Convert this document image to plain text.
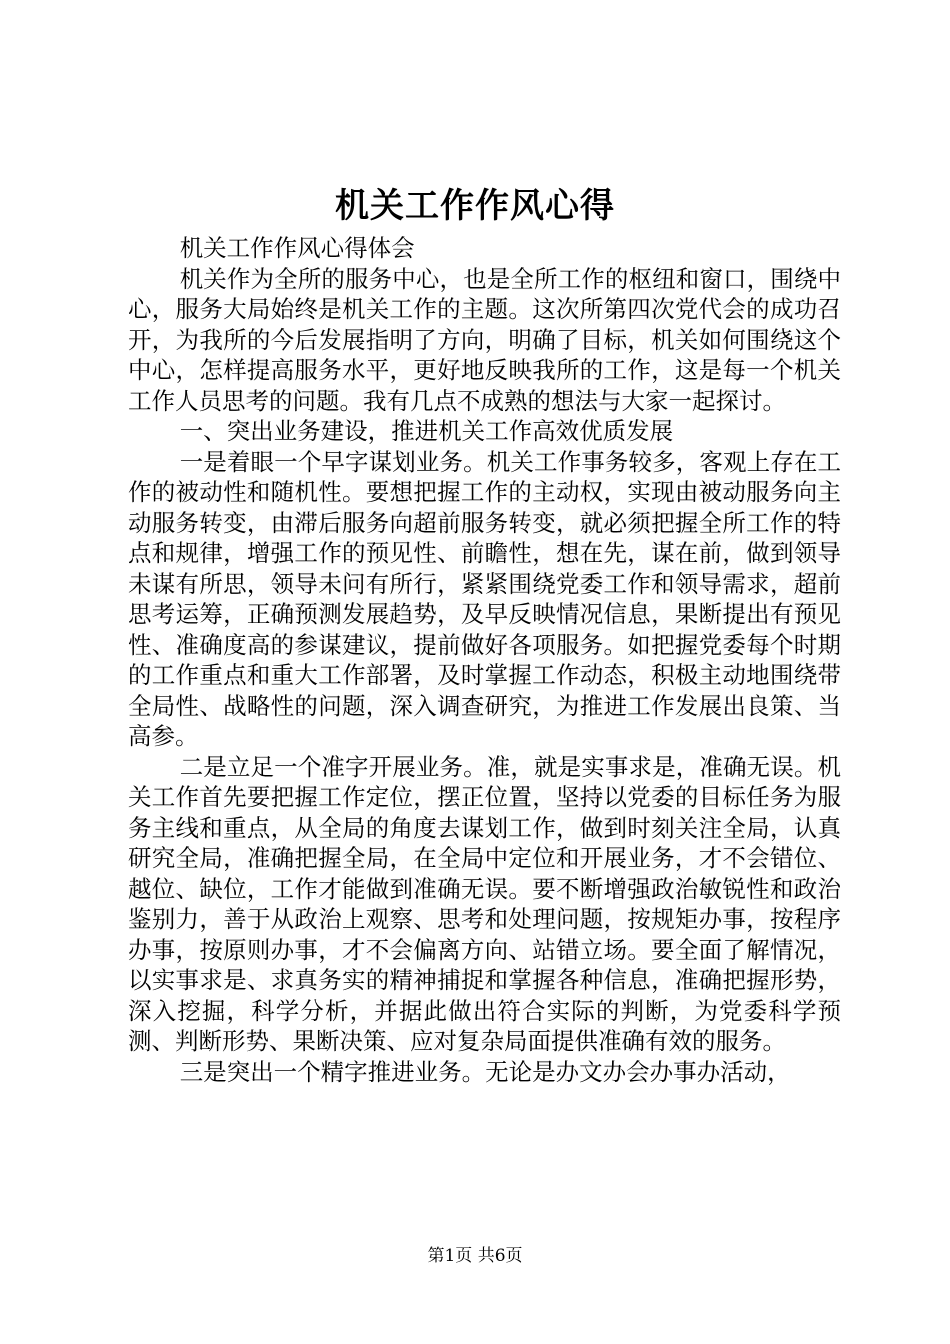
机关工作作风心得

机关工作作风心得体会

机关作为全所的服务中心，也是全所工作的枢纽和窗口，围绕中心，服务大局始终是机关工作的主题。这次所第四次党代会的成功召开，为我所的今后发展指明了方向，明确了目标，机关如何围绕这个中心，怎样提高服务水平，更好地反映我所的工作，这是每一个机关工作人员思考的问题。我有几点不成熟的想法与大家一起探讨。

一、突出业务建设，推进机关工作高效优质发展

一是着眼一个早字谋划业务。机关工作事务较多，客观上存在工作的被动性和随机性。要想把握工作的主动权，实现由被动服务向主动服务转变，由滞后服务向超前服务转变，就必须把握全所工作的特点和规律，增强工作的预见性、前瞻性，想在先，谋在前，做到领导未谋有所思，领导未问有所行，紧紧围绕党委工作和领导需求，超前思考运筹，正确预测发展趋势，及早反映情况信息，果断提出有预见性、准确度高的参谋建议，提前做好各项服务。如把握党委每个时期的工作重点和重大工作部署，及时掌握工作动态，积极主动地围绕带全局性、战略性的问题，深入调查研究，为推进工作发展出良策、当高参。

二是立足一个准字开展业务。准，就是实事求是，准确无误。机关工作首先要把握工作定位，摆正位置，坚持以党委的目标任务为服务主线和重点，从全局的角度去谋划工作，做到时刻关注全局，认真研究全局，准确把握全局，在全局中定位和开展业务，才不会错位、越位、缺位，工作才能做到准确无误。要不断增强政治敏锐性和政治鉴别力，善于从政治上观察、思考和处理问题，按规矩办事，按程序办事，按原则办事，才不会偏离方向、站错立场。要全面了解情况，以实事求是、求真务实的精神捕捉和掌握各种信息，准确把握形势，深入挖掘，科学分析，并据此做出符合实际的判断，为党委科学预测、判断形势、果断决策、应对复杂局面提供准确有效的服务。

三是突出一个精字推进业务。无论是办文办会办事办活动，

第1页 共6页
